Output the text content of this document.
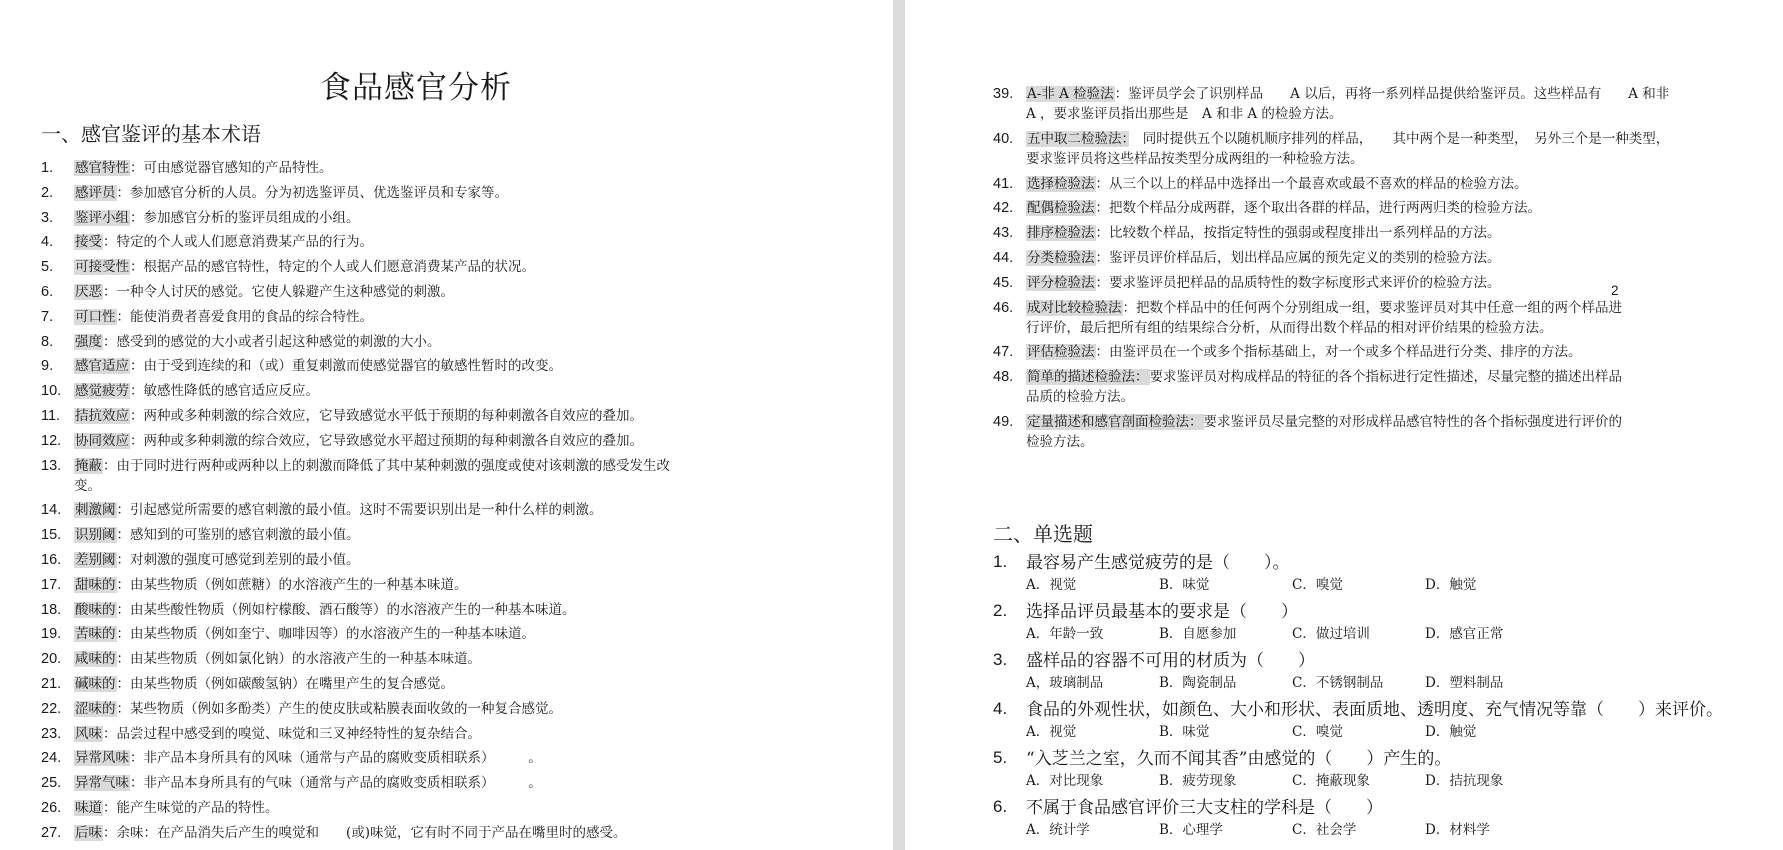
食品感官分析
一、感官鉴评的基本术语
1. 感官特性：可由感觉器官感知的产品特性。
2. 感评员：参加感官分析的人员。分为初选鉴评员、优选鉴评员和专家等。
3. 鉴评小组：参加感官分析的鉴评员组成的小组。
4. 接受：特定的个人或人们愿意消费某产品的行为。
5. 可接受性：根据产品的感官特性，特定的个人或人们愿意消费某产品的状况。
6. 厌恶：一种令人讨厌的感觉。它使人躲避产生这种感觉的刺激。
7. 可口性：能使消费者喜爱食用的食品的综合特性。
8. 强度：感受到的感觉的大小或者引起这种感觉的刺激的大小。
9. 感官适应：由于受到连续的和（或）重复刺激而使感觉器官的敏感性暂时的改变。
10. 感觉疲劳：敏感性降低的感官适应反应。
11. 拮抗效应：两种或多种刺激的综合效应，它导致感觉水平低于预期的每种刺激各自效应的叠加。
12. 协同效应：两种或多种刺激的综合效应，它导致感觉水平超过预期的每种刺激各自效应的叠加。
13. 掩蔽：由于同时进行两种或两种以上的刺激而降低了其中某种刺激的强度或使对该刺激的感受发生改
变。
14. 刺激阈：引起感觉所需要的感官刺激的最小值。这时不需要识别出是一种什么样的刺激。
15. 识别阈：感知到的可鉴别的感官刺激的最小值。
16. 差别阈：对刺激的强度可感觉到差别的最小值。
17. 甜味的：由某些物质（例如蔗糖）的水溶液产生的一种基本味道。
18. 酸味的：由某些酸性物质（例如柠檬酸、酒石酸等）的水溶液产生的一种基本味道。
19. 苦味的：由某些物质（例如奎宁、咖啡因等）的水溶液产生的一种基本味道。
20. 咸味的：由某些物质（例如氯化钠）的水溶液产生的一种基本味道。
21. 碱味的：由某些物质（例如碳酸氢钠）在嘴里产生的复合感觉。
22. 涩味的：某些物质（例如多酚类）产生的使皮肤或粘膜表面收敛的一种复合感觉。
23. 风味：品尝过程中感受到的嗅觉、味觉和三叉神经特性的复杂结合。
24. 异常风味：非产品本身所具有的风味（通常与产品的腐败变质相联系）　　　。
25. 异常气味：非产品本身所具有的气味（通常与产品的腐败变质相联系）　　　。
26. 味道：能产生味觉的产品的特性。
27. 后味：余味：在产品消失后产生的嗅觉和　　(或)味觉，它有时不同于产品在嘴里时的感受。
39. A-非 A 检验法：鉴评员学会了识别样品　　A 以后，再将一系列样品提供给鉴评员。这些样品有　　A 和非
A ，要求鉴评员指出那些是　A 和非 A 的检验方法。
40. 五中取二检验法：　同时提供五个以随机顺序排列的样品，　　其中两个是一种类型，　另外三个是一种类型，
要求鉴评员将这些样品按类型分成两组的一种检验方法。
41. 选择检验法：从三个以上的样品中选择出一个最喜欢或最不喜欢的样品的检验方法。
42. 配偶检验法：把数个样品分成两群，逐个取出各群的样品，进行两两归类的检验方法。
43. 排序检验法：比较数个样品，按指定特性的强弱或程度排出一系列样品的方法。
44. 分类检验法：鉴评员评价样品后，划出样品应属的预先定义的类别的检验方法。
45. 评分检验法：要求鉴评员把样品的品质特性的数字标度形式来评价的检验方法。
46. 成对比较检验法：把数个样品中的任何两个分别组成一组，要求鉴评员对其中任意一组的两个样品进
行评价，最后把所有组的结果综合分析，从而得出数个样品的相对评价结果的检验方法。
47. 评估检验法：由鉴评员在一个或多个指标基础上，对一个或多个样品进行分类、排序的方法。
48. 简单的描述检验法：要求鉴评员对构成样品的特征的各个指标进行定性描述，尽量完整的描述出样品
品质的检验方法。
49. 定量描述和感官剖面检验法：要求鉴评员尽量完整的对形成样品感官特性的各个指标强度进行评价的
检验方法。
2
二、单选题
1. 最容易产生感觉疲劳的是（　　）。
A．视觉	B．味觉	C．嗅觉	D．触觉
2. 选择品评员最基本的要求是（　　）
A．年龄一致	B．自愿参加	C．做过培训	D．感官正常
3. 盛样品的容器不可用的材质为（　　）
A，玻璃制品	B．陶瓷制品	C．不锈钢制品	D．塑料制品
4. 食品的外观性状，如颜色、大小和形状、表面质地、透明度、充气情况等靠（　　）来评价。
A．视觉	B．味觉	C．嗅觉	D．触觉
5. “入芝兰之室，久而不闻其香”由感觉的（　　）产生的。
A．对比现象	B．疲劳现象	C．掩蔽现象	D．拮抗现象
6. 不属于食品感官评价三大支柱的学科是（　　）
A．统计学	B．心理学	C．社会学	D．材料学
